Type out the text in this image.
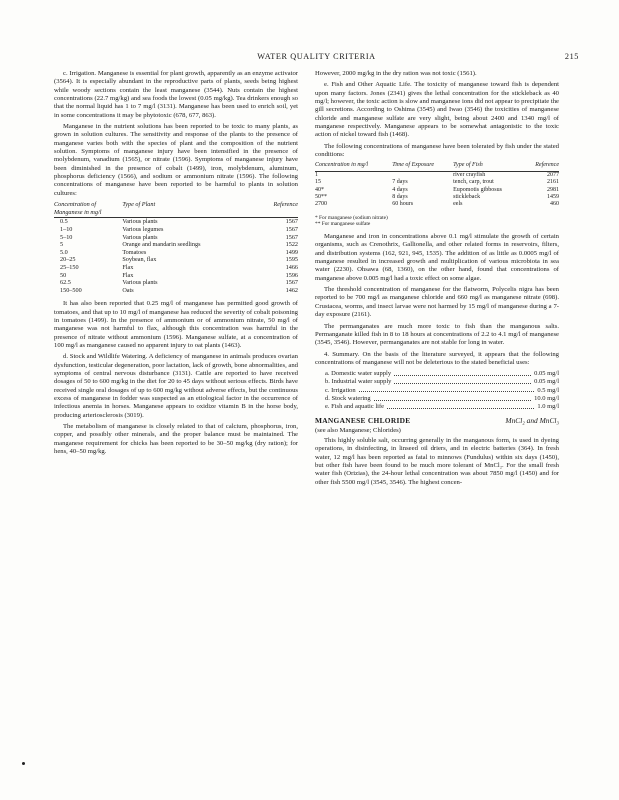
WATER QUALITY CRITERIA	215

c. Irrigation. Manganese is essential for plant growth, apparently as an enzyme activator (3564). It is especially abundant in the reproductive parts of plants, seeds being highest while woody sections contain the least manganese (3544). Nuts contain the highest concentrations (22.7 mg/kg) and sea foods the lowest (0.05 mg/kg). Tea drinkers enough so that the normal liquid has 1 to 7 mg/l (3131). Manganese has been used to enrich soil, yet in some concentrations it may be phytotoxic (678, 677, 863).

Manganese in the nutrient solutions has been reported to be toxic to many plants, as grown in solution cultures. The sensitivity and response of the plants to the presence of manganese varies both with the species of plant and the composition of the nutrient solution. Symptoms of manganese injury have been intensified in the presence of molybdenum, vanadium (1565), or nitrate (1596). Symptoms of manganese injury have been diminished in the presence of cobalt (1499), iron, molybdenum, aluminum, phosphorus deficiency (1566), and sodium or ammonium nitrate (1596). The following concentrations of manganese have been reported to be harmful to plants in solution cultures:

Concentration of Manganese in mg/l	Type of Plant	Reference
0.5	Various plants	1567
1–10	Various legumes	1567
5–10	Various plants	1567
5	Orange and mandarin seedlings	1522
5.0	Tomatoes	1499
20–25	Soybean, flax	1595
25–150	Flax	1466
50	Flax	1596
62.5	Various plants	1567
150–500	Oats	1462

It has also been reported that 0.25 mg/l of manganese has permitted good growth of tomatoes, and that up to 10 mg/l of manganese has reduced the severity of cobalt poisoning in tomatoes (1499). In the presence of ammonium or of ammonium nitrate, 50 mg/l of manganese was not harmful to flax, although this concentration was harmful in the presence of nitrate without ammonium (1596). Manganese sulfate, at a concentration of 100 mg/l as manganese caused no apparent injury to oat plants (1463).

d. Stock and Wildlife Watering. A deficiency of manganese in animals produces ovarian dysfunction, testicular degeneration, poor lactation, lack of growth, bone abnormalities, and symptoms of central nervous disturbance (3131). Cattle are reported to have received dosages of 50 to 600 mg/kg in the diet for 20 to 45 days without serious effects. Birds have received single oral dosages of up to 600 mg/kg without adverse effects, but the continuous excess of manganese in fodder was suspected as an etiological factor in the occurrence of infectious anemia in horses. Manganese appears to oxidize vitamin B in the horse body, producing arteriosclerosis (3019).

The metabolism of manganese is closely related to that of calcium, phosphorus, iron, copper, and possibly other minerals, and the proper balance must be maintained. The manganese requirement for chicks has been reported to be 30–50 mg/kg (dry ration); for hens, 40–50 mg/kg.

However, 2000 mg/kg in the dry ration was not toxic (1561).

e. Fish and Other Aquatic Life. The toxicity of manganese toward fish is dependent upon many factors. Jones (2341) gives the lethal concentration for the stickleback as 40 mg/l; however, the toxic action is slow and manganese ions did not appear to precipitate the gill secretions. According to Oshima (3545) and Iwao (3546) the toxicities of manganese chloride and manganese sulfate are very slight, being about 2400 and 1340 mg/l of manganese respectively. Manganese appears to be somewhat antagonistic to the toxic action of nickel toward fish (1468).

The following concentrations of manganese have been tolerated by fish under the stated conditions:

Concentration in mg/l	Time of Exposure	Type of Fish	Reference
1		river crayfish	2077
15	7 days	tench, carp, trout	2161
40*	4 days	Eupomotis gibbosus	2981
50**	8 days	stickleback	1459
2700	60 hours	eels	460
* For manganese (sodium nitrate)
** For manganese sulfate

Manganese and iron in concentrations above 0.1 mg/l stimulate the growth of certain organisms, such as Crenothrix, Gallionella, and other related forms in reservoirs, filters, and distribution systems (162, 921, 945, 1535). The addition of as little as 0.0005 mg/l of manganese resulted in increased growth and multiplication of various microbiota in sea water (2230). Ohsawa (68, 1360), on the other hand, found that concentrations of manganese above 0.005 mg/l had a toxic effect on some algae.

The threshold concentration of manganese for the flatworm, Polycelis nigra has been reported to be 700 mg/l as manganese chloride and 660 mg/l as manganese nitrate (698). Crustacea, worms, and insect larvae were not harmed by 15 mg/l of manganese during a 7-day exposure (2161).

The permanganates are much more toxic to fish than the manganous salts. Permanganate killed fish in 8 to 18 hours at concentrations of 2.2 to 4.1 mg/l of manganese (3545, 3546). However, permanganates are not stable for long in water.

4. Summary. On the basis of the literature surveyed, it appears that the following concentrations of manganese will not be deleterious to the stated beneficial uses:

a. Domestic water supply	0.05 mg/l
b. Industrial water supply	0.05 mg/l
c. Irrigation	0.5 mg/l
d. Stock watering	10.0 mg/l
e. Fish and aquatic life	1.0 mg/l
MANGANESE CHLORIDE	MnCl₂ and MnCl₃
(see also Manganese; Chlorides)

This highly soluble salt, occurring generally in the manganous form, is used in dyeing operations, in disinfecting, in linseed oil driers, and in electric batteries (364). In fresh water, 12 mg/l has been reported as fatal to minnows (Fundulus) within six days (1450), but other fish have been found to be much more tolerant of MnCl₂. For the small fresh water fish (Orizias), the 24-hour lethal concentration was about 7850 mg/l (1450) and for other fish 5500 mg/l (3545, 3546). The highest concen-
